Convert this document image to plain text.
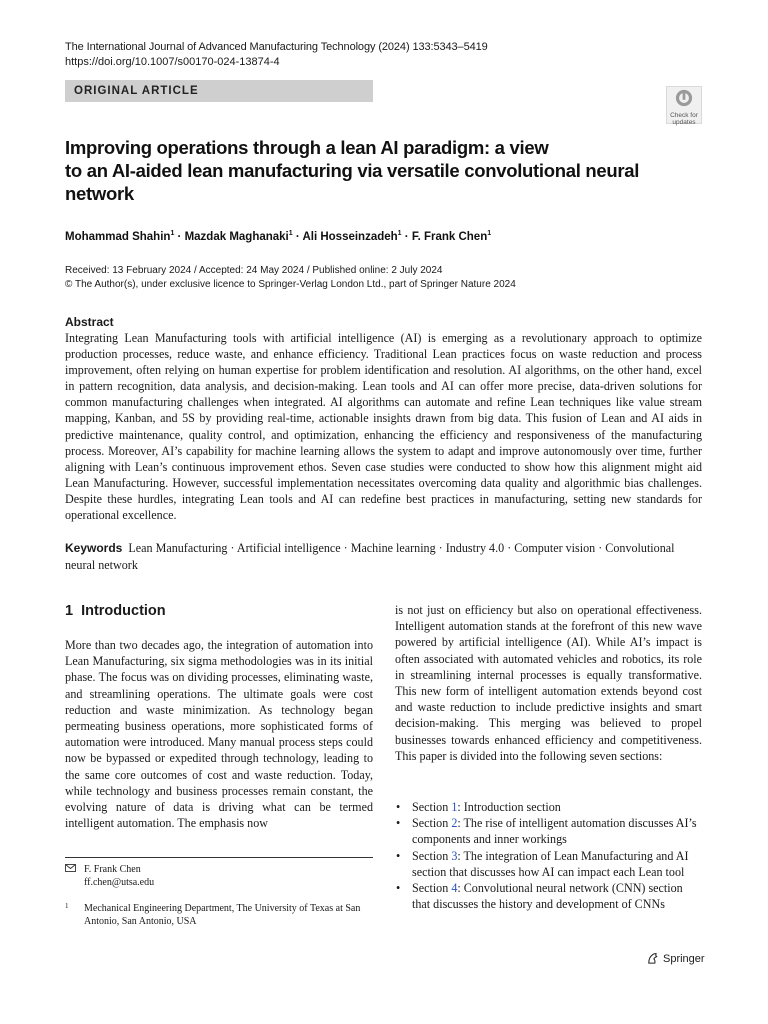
The International Journal of Advanced Manufacturing Technology (2024) 133:5343–5419
https://doi.org/10.1007/s00170-024-13874-4
ORIGINAL ARTICLE
Check for
updates
Improving operations through a lean AI paradigm: a view
to an AI-aided lean manufacturing via versatile convolutional neural
network
Mohammad Shahin$^1$ · Mazdak Maghanaki$^1$ · Ali Hosseinzadeh$^1$ · F. Frank Chen$^1$
Received: 13 February 2024 / Accepted: 24 May 2024 / Published online: 2 July 2024
© The Author(s), under exclusive licence to Springer-Verlag London Ltd., part of Springer Nature 2024
Abstract
Integrating Lean Manufacturing tools with artificial intelligence (AI) is emerging as a revolutionary approach to optimize production processes, reduce waste, and enhance efficiency. Traditional Lean practices focus on waste reduction and process improvement, often relying on human expertise for problem identification and resolution. AI algorithms, on the other hand, excel in pattern recognition, data analysis, and decision-making. Lean tools and AI can offer more precise, data-driven solutions for common manufacturing challenges when integrated. AI algorithms can automate and refine Lean techniques like value stream mapping, Kanban, and 5S by providing real-time, actionable insights drawn from big data. This fusion of Lean and AI aids in predictive maintenance, quality control, and optimization, enhancing the efficiency and responsiveness of the manufacturing process. Moreover, AI’s capability for machine learning allows the system to adapt and improve autonomously over time, further aligning with Lean’s continuous improvement ethos. Seven case studies were conducted to show how this alignment might aid Lean Manufacturing. However, successful implementation necessitates overcoming data quality and algorithmic bias challenges. Despite these hurdles, integrating Lean tools and AI can redefine best practices in manufacturing, setting new standards for operational excellence.
Keywords Lean Manufacturing · Artificial intelligence · Machine learning · Industry 4.0 · Computer vision · Convolutional neural network
1 Introduction
More than two decades ago, the integration of automation into Lean Manufacturing, six sigma methodologies was in its initial phase. The focus was on dividing processes, eliminating waste, and streamlining operations. The ultimate goals were cost reduction and waste minimization. As technology began permeating business operations, more sophisticated forms of automation were introduced. Many manual process steps could now be bypassed or expedited through technology, leading to the same core outcomes of cost and waste reduction. Today, while technology and business processes remain constant, the evolving nature of data is driving what can be termed intelligent automation. The emphasis now
is not just on efficiency but also on operational effectiveness. Intelligent automation stands at the forefront of this new wave powered by artificial intelligence (AI). While AI’s impact is often associated with automated vehicles and robotics, its role in streamlining internal processes is equally transformative. This new form of intelligent automation extends beyond cost and waste reduction to include predictive insights and smart decision-making. This merging was believed to propel businesses towards enhanced efficiency and competitiveness. This paper is divided into the following seven sections:
• Section 1: Introduction section
• Section 2: The rise of intelligent automation discusses AI’s components and inner workings
• Section 3: The integration of Lean Manufacturing and AI section that discusses how AI can impact each Lean tool
• Section 4: Convolutional neural network (CNN) section that discusses the history and development of CNNs
F. Frank Chen
ff.chen@utsa.edu
1 Mechanical Engineering Department, The University of Texas at San Antonio, San Antonio, USA
Springer
